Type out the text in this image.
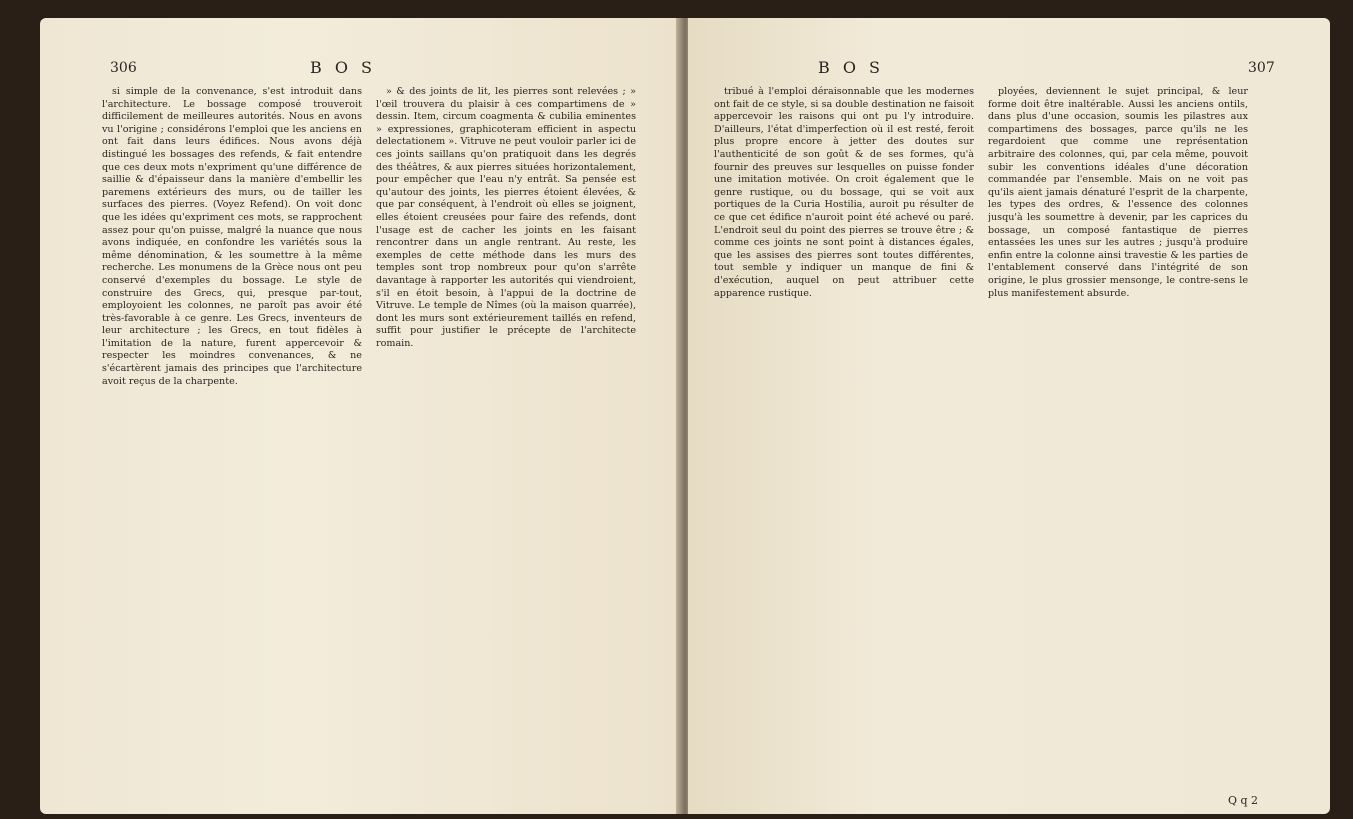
306	B O S

si simple de la convenance, s'est introduit dans l'architecture. Le bossage composé trouveroit difficilement de meilleures autorités. Nous en avons vu l'origine ; considérons l'emploi que les anciens en ont fait dans leurs édifices. Nous avons déjà distingué les bossages des refends, & fait entendre que ces deux mots n'expriment qu'une différence de saillie & d'épaisseur dans la manière d'embellir les paremens extérieurs des murs, ou de tailler les surfaces des pierres. (Voyez Refend). On voit donc que les idées qu'expriment ces mots, se rapprochent assez pour qu'on puisse, malgré la nuance que nous avons indiquée, en confondre les variétés sous la même dénomination, & les soumettre à la même recherche. Les monumens de la Grèce nous ont peu conservé d'exemples du bossage. Le style de construire des Grecs, qui, presque par-tout, employoient les colonnes, ne paroît pas avoir été très-favorable à ce genre. Les Grecs, inventeurs de leur architecture ; les Grecs, en tout fidèles à l'imitation de la nature, furent appercevoir & respecter les moindres convenances, & ne s'écartèrent jamais des principes que l'architecture avoit reçus de la charpente.

» & des joints de lit, les pierres sont relevées ; » l'œil trouvera du plaisir à ces compartimens de » dessin. Item, circum coagmenta & cubilia eminentes » expressiones, graphicoteram efficient in aspectu delectationem ». Vitruve ne peut vouloir parler ici de ces joints saillans qu'on pratiquoit dans les degrés des théâtres, & aux pierres situées horizontalement, pour empêcher que l'eau n'y entrât. Sa pensée est qu'autour des joints, les pierres étoient élevées, & que par conséquent, à l'endroit où elles se joignent, elles étoient creusées pour faire des refends, dont l'usage est de cacher les joints en les faisant rencontrer dans un angle rentrant. Au reste, les exemples de cette méthode dans les murs des temples sont trop nombreux pour qu'on s'arrête davantage à rapporter les autorités qui viendroient, s'il en étoit besoin, à l'appui de la doctrine de Vitruve. Le temple de Nîmes (où la maison quarrée), dont les murs sont extérieurement taillés en refend, suffit pour justifier le précepte de l'architecte romain.

B O S	307

tribué à l'emploi déraisonnable que les modernes ont fait de ce style, si sa double destination ne faisoit appercevoir les raisons qui ont pu l'y introduire. D'ailleurs, l'état d'imperfection où il est resté, feroit plus propre encore à jetter des doutes sur l'authenticité de son goût & de ses formes, qu'à fournir des preuves sur lesquelles on puisse fonder une imitation motivée. On croit également que le genre rustique, ou du bossage, qui se voit aux portiques de la Curia Hostilia, auroit pu résulter de ce que cet édifice n'auroit point été achevé ou paré. L'endroit seul du point des pierres se trouve être ; & comme ces joints ne sont point à distances égales, que les assises des pierres sont toutes différentes, tout semble y indiquer un manque de fini & d'exécution, auquel on peut attribuer cette apparence rustique.

ployées, deviennent le sujet principal, & leur forme doit être inaltérable. Aussi les anciens ontils, dans plus d'une occasion, soumis les pilastres aux compartimens des bossages, parce qu'ils ne les regardoient que comme une représentation arbitraire des colonnes, qui, par cela même, pouvoit subir les conventions idéales d'une décoration commandée par l'ensemble. Mais on ne voit pas qu'ils aient jamais dénaturé l'esprit de la charpente, les types des ordres, & l'essence des colonnes jusqu'à les soumettre à devenir, par les caprices du bossage, un composé fantastique de pierres entassées les unes sur les autres ; jusqu'à produire enfin entre la colonne ainsi travestie & les parties de l'entablement conservé dans l'intégrité de son origine, le plus grossier mensonge, le contre-sens le plus manifestement absurde.

Q q 2
